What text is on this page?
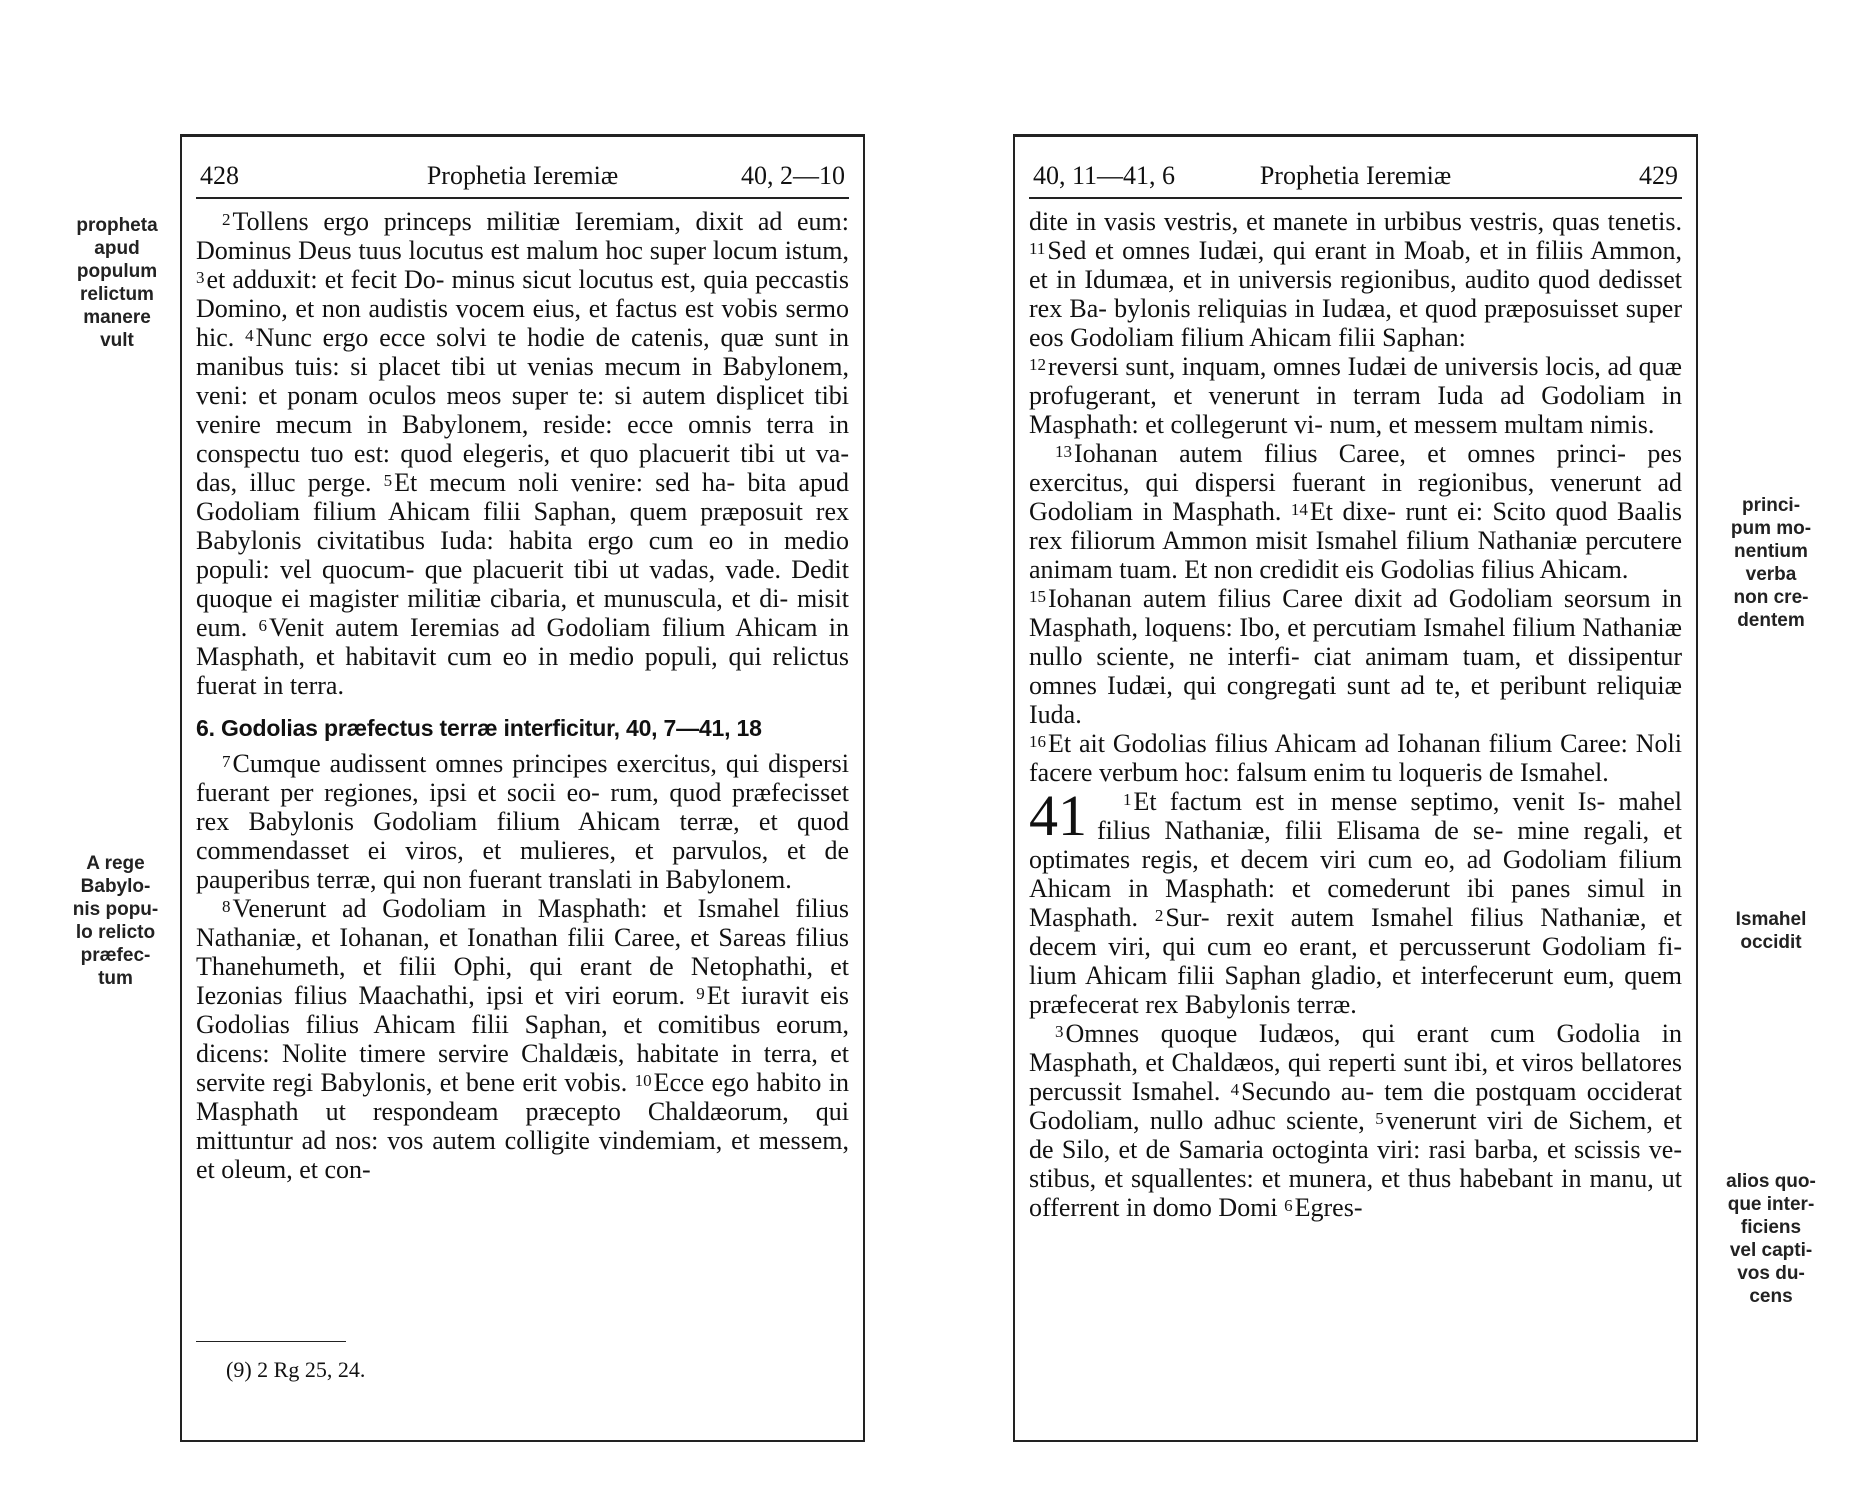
428	Prophetia Ieremiæ	40, 2—10

$^2$Tollens ergo princeps militiæ Ieremiam, dixit ad eum: Dominus Deus tuus locutus est malum hoc super locum istum, $^3$et adduxit: et fecit Do- minus sicut locutus est, quia peccastis Domino, et non audistis vocem eius, et factus est vobis sermo hic. $^4$Nunc ergo ecce solvi te hodie de catenis, quæ sunt in manibus tuis: si placet tibi ut venias mecum in Babylonem, veni: et ponam oculos meos super te: si autem displicet tibi venire mecum in Babylonem, reside: ecce omnis terra in conspectu tuo est: quod elegeris, et quo placuerit tibi ut va- das, illuc perge. $^5$Et mecum noli venire: sed ha- bita apud Godoliam filium Ahicam filii Saphan, quem præposuit rex Babylonis civitatibus Iuda: habita ergo cum eo in medio populi: vel quocum- que placuerit tibi ut vadas, vade. Dedit quoque ei magister militiæ cibaria, et munuscula, et di- misit eum. $^6$Venit autem Ieremias ad Godoliam filium Ahicam in Masphath, et habitavit cum eo in medio populi, qui relictus fuerat in terra.

6. Godolias præfectus terræ interficitur, 40, 7—41, 18

$^7$Cumque audissent omnes principes exercitus, qui dispersi fuerant per regiones, ipsi et socii eo- rum, quod præfecisset rex Babylonis Godoliam filium Ahicam terræ, et quod commendasset ei viros, et mulieres, et parvulos, et de pauperibus terræ, qui non fuerant translati in Babylonem.

$^8$Venerunt ad Godoliam in Masphath: et Ismahel filius Nathaniæ, et Iohanan, et Ionathan filii Caree, et Sareas filius Thanehumeth, et filii Ophi, qui erant de Netophathi, et Iezonias filius Maachathi, ipsi et viri eorum. $^9$Et iuravit eis Godolias filius Ahicam filii Saphan, et comitibus eorum, dicens: Nolite timere servire Chaldæis, habitate in terra, et servite regi Babylonis, et bene erit vobis. $^{10}$Ecce ego habito in Masphath ut respondeam præcepto Chaldæorum, qui mittuntur ad nos: vos autem colligite vindemiam, et messem, et oleum, et con-

(9) 2 Rg 25, 24.
40, 11—41, 6	Prophetia Ieremiæ	429

dite in vasis vestris, et manete in urbibus vestris, quas tenetis. $^{11}$Sed et omnes Iudæi, qui erant in Moab, et in filiis Ammon, et in Idumæa, et in universis regionibus, audito quod dedisset rex Ba- bylonis reliquias in Iudæa, et quod præposuisset super eos Godoliam filium Ahicam filii Saphan:

$^{12}$reversi sunt, inquam, omnes Iudæi de universis locis, ad quæ profugerant, et venerunt in terram Iuda ad Godoliam in Masphath: et collegerunt vi- num, et messem multam nimis.

$^{13}$Iohanan autem filius Caree, et omnes princi- pes exercitus, qui dispersi fuerant in regionibus, venerunt ad Godoliam in Masphath. $^{14}$Et dixe- runt ei: Scito quod Baalis rex filiorum Ammon misit Ismahel filium Nathaniæ percutere animam tuam. Et non credidit eis Godolias filius Ahicam.

$^{15}$Iohanan autem filius Caree dixit ad Godoliam seorsum in Masphath, loquens: Ibo, et percutiam Ismahel filium Nathaniæ nullo sciente, ne interfi- ciat animam tuam, et dissipentur omnes Iudæi, qui congregati sunt ad te, et peribunt reliquiæ Iuda.

$^{16}$Et ait Godolias filius Ahicam ad Iohanan filium Caree: Noli facere verbum hoc: falsum enim tu loqueris de Ismahel.

41	$^1$Et factum est in mense septimo, venit Is- mahel filius Nathaniæ, filii Elisama de se- mine regali, et optimates regis, et decem viri cum eo, ad Godoliam filium Ahicam in Masphath: et comederunt ibi panes simul in Masphath. $^2$Sur- rexit autem Ismahel filius Nathaniæ, et decem viri, qui cum eo erant, et percusserunt Godoliam fi- lium Ahicam filii Saphan gladio, et interfecerunt eum, quem præfecerat rex Babylonis terræ.

$^3$Omnes quoque Iudæos, qui erant cum Godolia in Masphath, et Chaldæos, qui reperti sunt ibi, et viros bellatores percussit Ismahel. $^4$Secundo au- tem die postquam occiderat Godoliam, nullo adhuc sciente, $^5$venerunt viri de Sichem, et de Silo, et de Samaria octoginta viri: rasi barba, et scissis ve- stibus, et squallentes: et munera, et thus habebant in manu, ut offerrent in domo Domi $^6$Egres-

propheta
apud
populum
relictum
manere
vult
A rege
Babylo-
nis popu-
lo relicto
præfec-
tum
princi-
pum mo-
nentium
verba
non cre-
dentem
Ismahel
occidit
alios quo-
que inter-
ficiens
vel capti-
vos du-
cens
